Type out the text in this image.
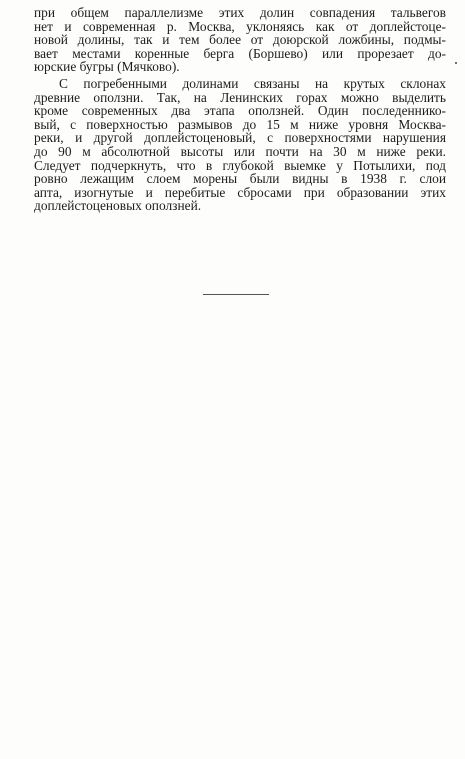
при общем параллелизме этих долин совпадения тальвегов
нет и современная р. Москва, уклоняясь как от доплейстоце-
новой долины, так и тем более от доюрской ложбины, подмы-
вает местами коренные берга (Боршево) или прорезает до-
юрские бугры (Мячково).
С погребенными долинами связаны на крутых склонах
древние оползни. Так, на Ленинских горах можно выделить
кроме современных два этапа оползней. Один последеннико-
вый, с поверхностью размывов до 15 м ниже уровня Москва-
реки, и другой доплейстоценовый, с поверхностями нарушения
до 90 м абсолютной высоты или почти на 30 м ниже реки.
Следует подчеркнуть, что в глубокой выемке у Потылихи, под
ровно лежащим слоем морены были видны в 1938 г. слои
апта, изогнутые и перебитые сбросами при образовании этих
доплейстоценовых оползней.
